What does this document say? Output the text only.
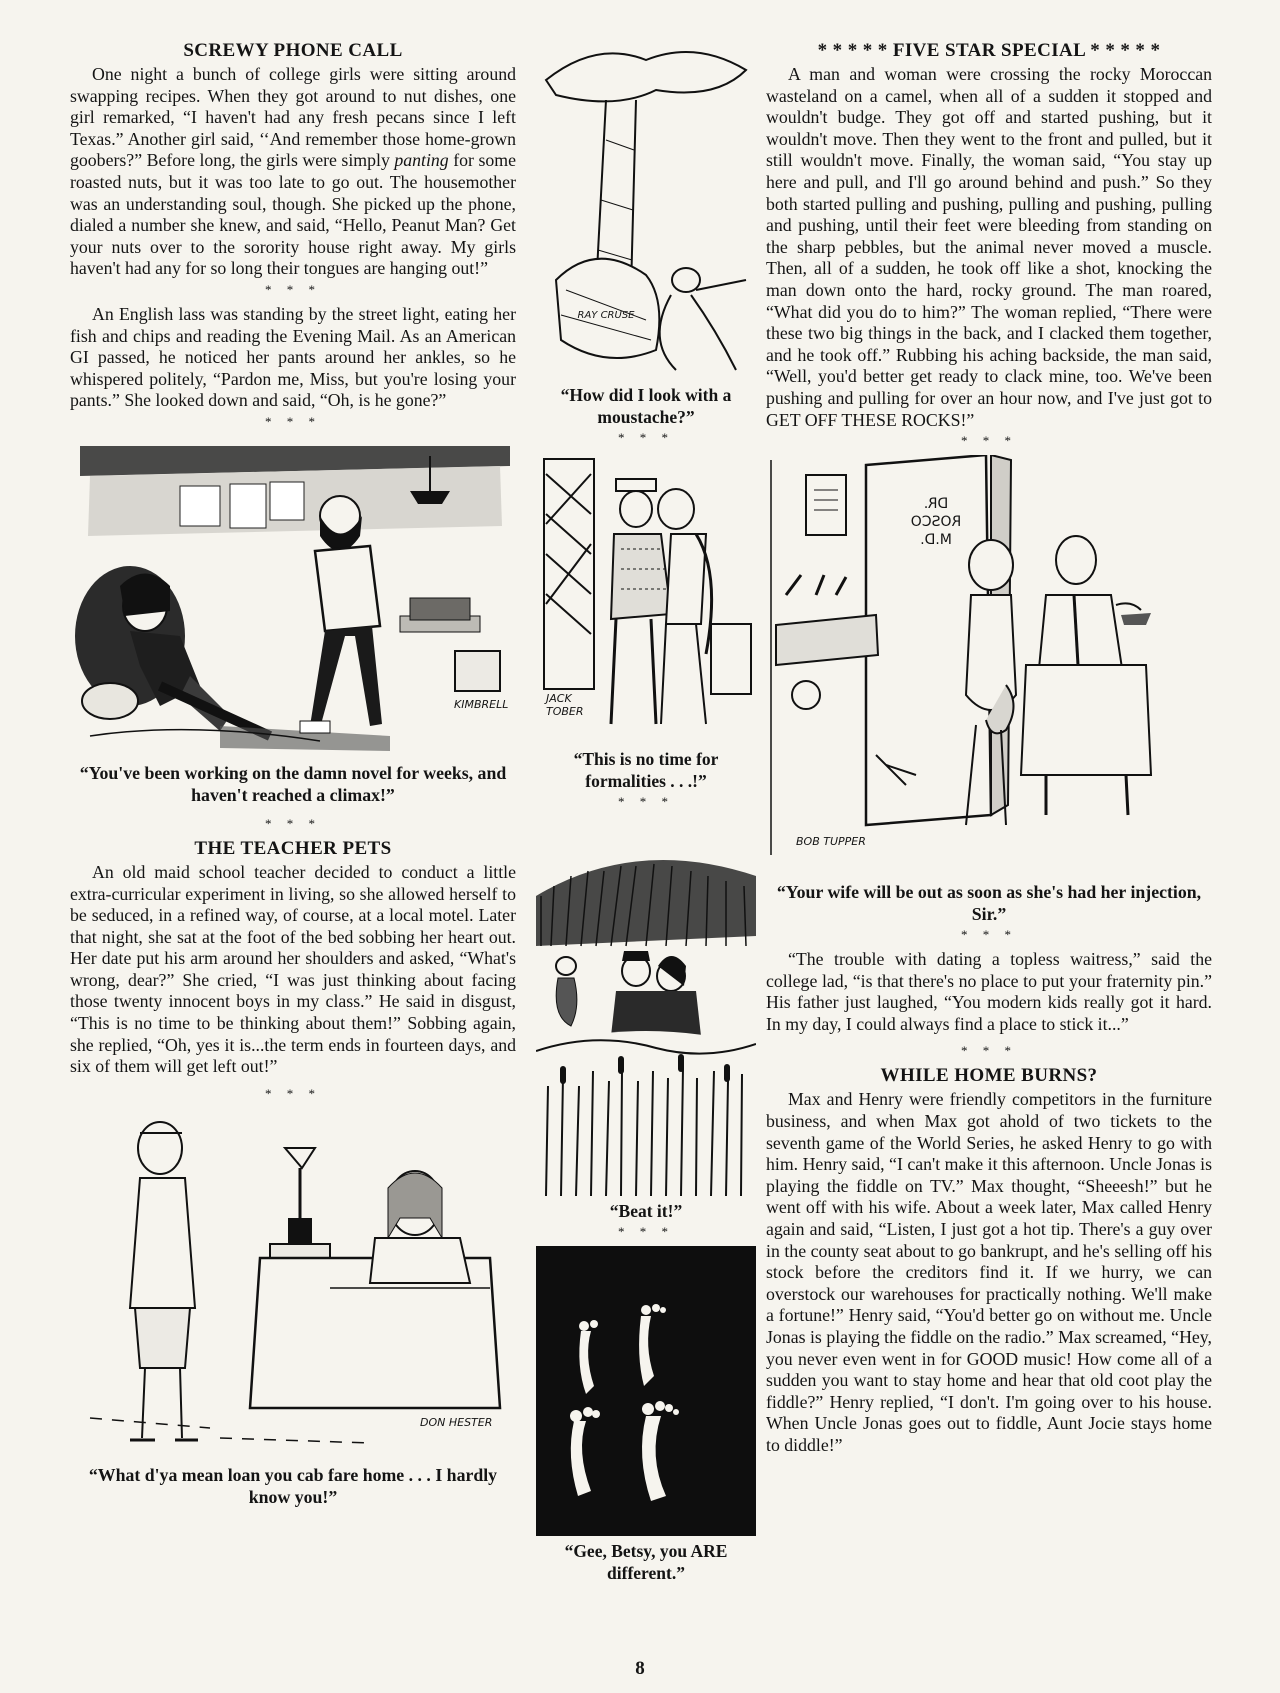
SCREWY PHONE CALL

One night a bunch of college girls were sitting around swapping recipes. When they got around to nut dishes, one girl remarked, “I haven't had any fresh pecans since I left Texas.” Another girl said, ‘‘And remember those home-grown goobers?” Before long, the girls were simply panting for some roasted nuts, but it was too late to go out. The housemother was an understanding soul, though. She picked up the phone, dialed a number she knew, and said, “Hello, Peanut Man? Get your nuts over to the sorority house right away. My girls haven't had any for so long their tongues are hanging out!”

* * *

An English lass was standing by the street light, eating her fish and chips and reading the Evening Mail. As an American GI passed, he noticed her pants around her ankles, so he whispered politely, “Pardon me, Miss, but you're losing your pants.” She looked down and said, “Oh, is he gone?”

* * *
KIMBRELL

“You've been working on the damn novel for weeks, and haven't reached a climax!”

* * *
THE TEACHER PETS

An old maid school teacher decided to conduct a little extra-curricular experiment in living, so she allowed herself to be seduced, in a refined way, of course, at a local motel. Later that night, she sat at the foot of the bed sobbing her heart out. Her date put his arm around her shoulders and asked, “What's wrong, dear?” She cried, “I was just thinking about facing those twenty innocent boys in my class.” He said in disgust, “This is no time to be thinking about them!” Sobbing again, she replied, “Oh, yes it is...the term ends in fourteen days, and six of them will get left out!”

* * *
DON HESTER

“What d'ya mean loan you cab fare home . . . I hardly know you!”

RAY CRUSE

“How did I look with a moustache?”

* * *
JACK TOBER

“This is no time for formalities . . .!”

* * *

“Beat it!”

* * *

“Gee, Betsy, you ARE different.”

* * * * * FIVE STAR SPECIAL * * * * *

A man and woman were crossing the rocky Moroccan wasteland on a camel, when all of a sudden it stopped and wouldn't budge. They got off and started pushing, but it wouldn't move. Then they went to the front and pulled, but it still wouldn't move. Finally, the woman said, “You stay up here and pull, and I'll go around behind and push.” So they both started pulling and pushing, pulling and pushing, pulling and pushing, until their feet were bleeding from standing on the sharp pebbles, but the animal never moved a muscle. Then, all of a sudden, he took off like a shot, knocking the man down onto the hard, rocky ground. The man roared, “What did you do to him?” The woman replied, “There were these two big things in the back, and I clacked them together, and he took off.” Rubbing his aching backside, the man said, “Well, you'd better get ready to clack mine, too. We've been pushing and pulling for over an hour now, and I've just got to GET OFF THESE ROCKS!”

* * *
DR. ROSCO M.D.
BOB TUPPER

“Your wife will be out as soon as she's had her injection, Sir.”

* * *

“The trouble with dating a topless waitress,” said the college lad, “is that there's no place to put your fraternity pin.” His father just laughed, “You modern kids really got it hard. In my day, I could always find a place to stick it...”

* * *
WHILE HOME BURNS?

Max and Henry were friendly competitors in the furniture business, and when Max got ahold of two tickets to the seventh game of the World Series, he asked Henry to go with him. Henry said, “I can't make it this afternoon. Uncle Jonas is playing the fiddle on TV.” Max thought, “Sheeesh!” but he went off with his wife. About a week later, Max called Henry again and said, “Listen, I just got a hot tip. There's a guy over in the county seat about to go bankrupt, and he's selling off his stock before the creditors find it. If we hurry, we can overstock our warehouses for practically nothing. We'll make a fortune!” Henry said, “You'd better go on without me. Uncle Jonas is playing the fiddle on the radio.” Max screamed, “Hey, you never even went in for GOOD music! How come all of a sudden you want to stay home and hear that old coot play the fiddle?” Henry replied, “I don't. I'm going over to his house. When Uncle Jonas goes out to fiddle, Aunt Jocie stays home to diddle!”

8
